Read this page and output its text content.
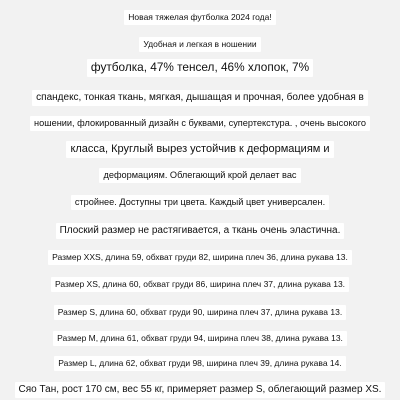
Новая тяжелая футболка 2024 года!
Удобная и легкая в ношении
футболка, 47% тенсел, 46% хлопок, 7%
спандекс, тонкая ткань, мягкая, дышащая и прочная, более удобная в
ношении, флокированный дизайн с буквами, супертекстура. , очень высокого
класса, Круглый вырез устойчив к деформациям и
деформациям. Облегающий крой делает вас
стройнее. Доступны три цвета. Каждый цвет универсален.
Плоский размер не растягивается, а ткань очень эластична.
Размер XXS, длина 59, обхват груди 82, ширина плеч 36, длина рукава 13.
Размер XS, длина 60, обхват груди 86, ширина плеч 37, длина рукава 13.
Размер S, длина 60, обхват груди 90, ширина плеч 37, длина рукава 13.
Размер M, длина 61, обхват груди 94, ширина плеч 38, длина рукава 13.
Размер L, длина 62, обхват груди 98, ширина плеч 39, длина рукава 14.
Сяо Тан, рост 170 см, вес 55 кг, примеряет размер S, облегающий размер XS.
